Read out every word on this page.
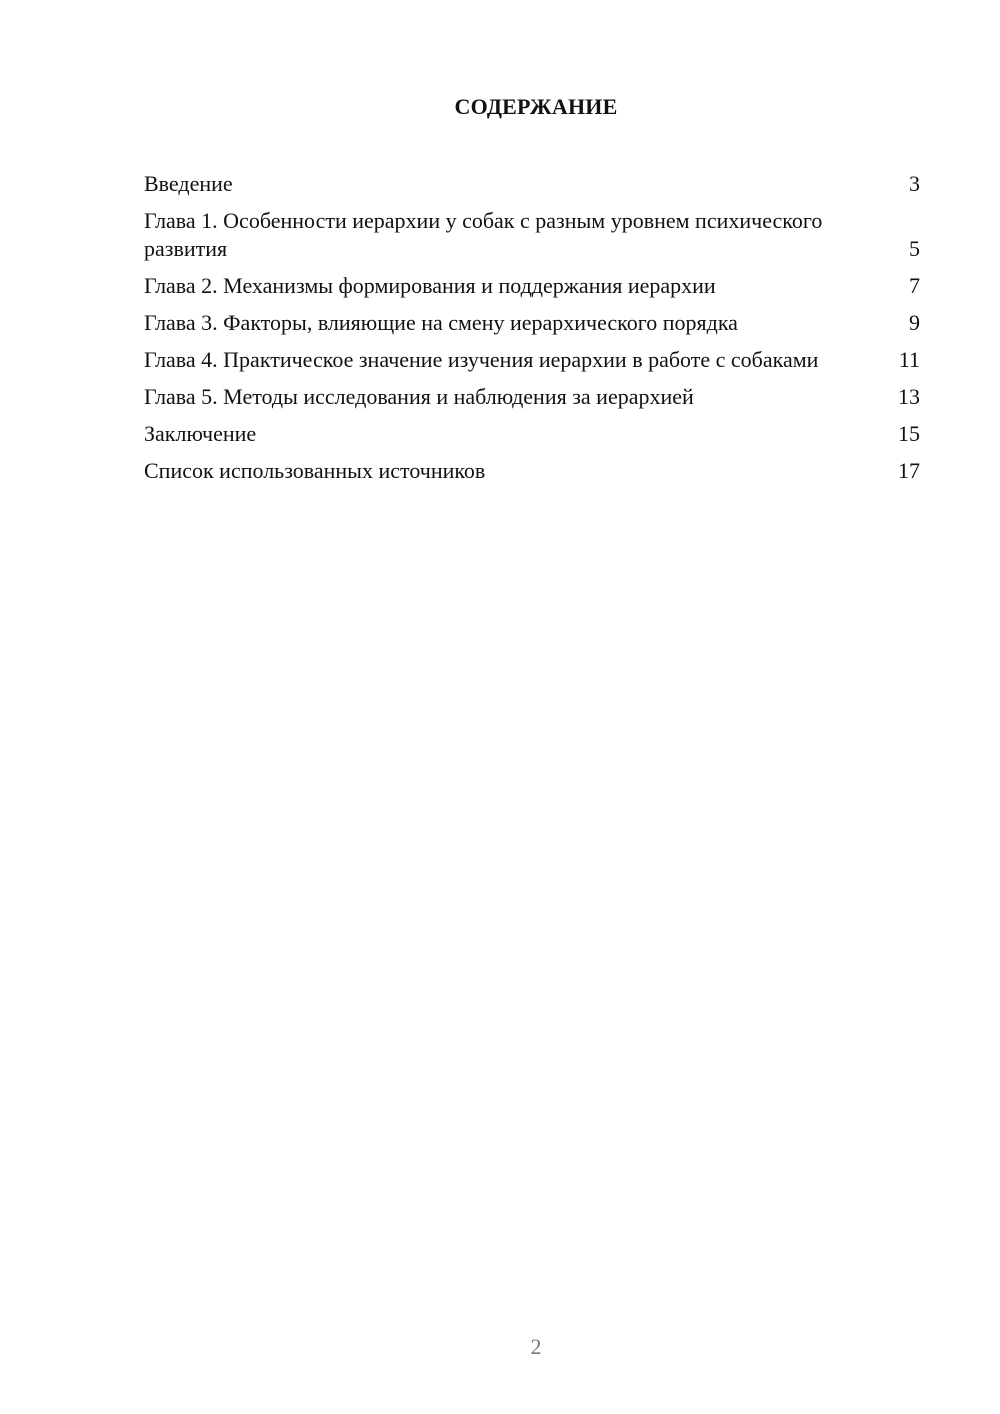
СОДЕРЖАНИЕ
Введение	3
Глава 1. Особенности иерархии у собак с разным уровнем психического развития	5
Глава 2. Механизмы формирования и поддержания иерархии	7
Глава 3. Факторы, влияющие на смену иерархического порядка	9
Глава 4. Практическое значение изучения иерархии в работе с собаками	11
Глава 5. Методы исследования и наблюдения за иерархией	13
Заключение	15
Список использованных источников	17
2
